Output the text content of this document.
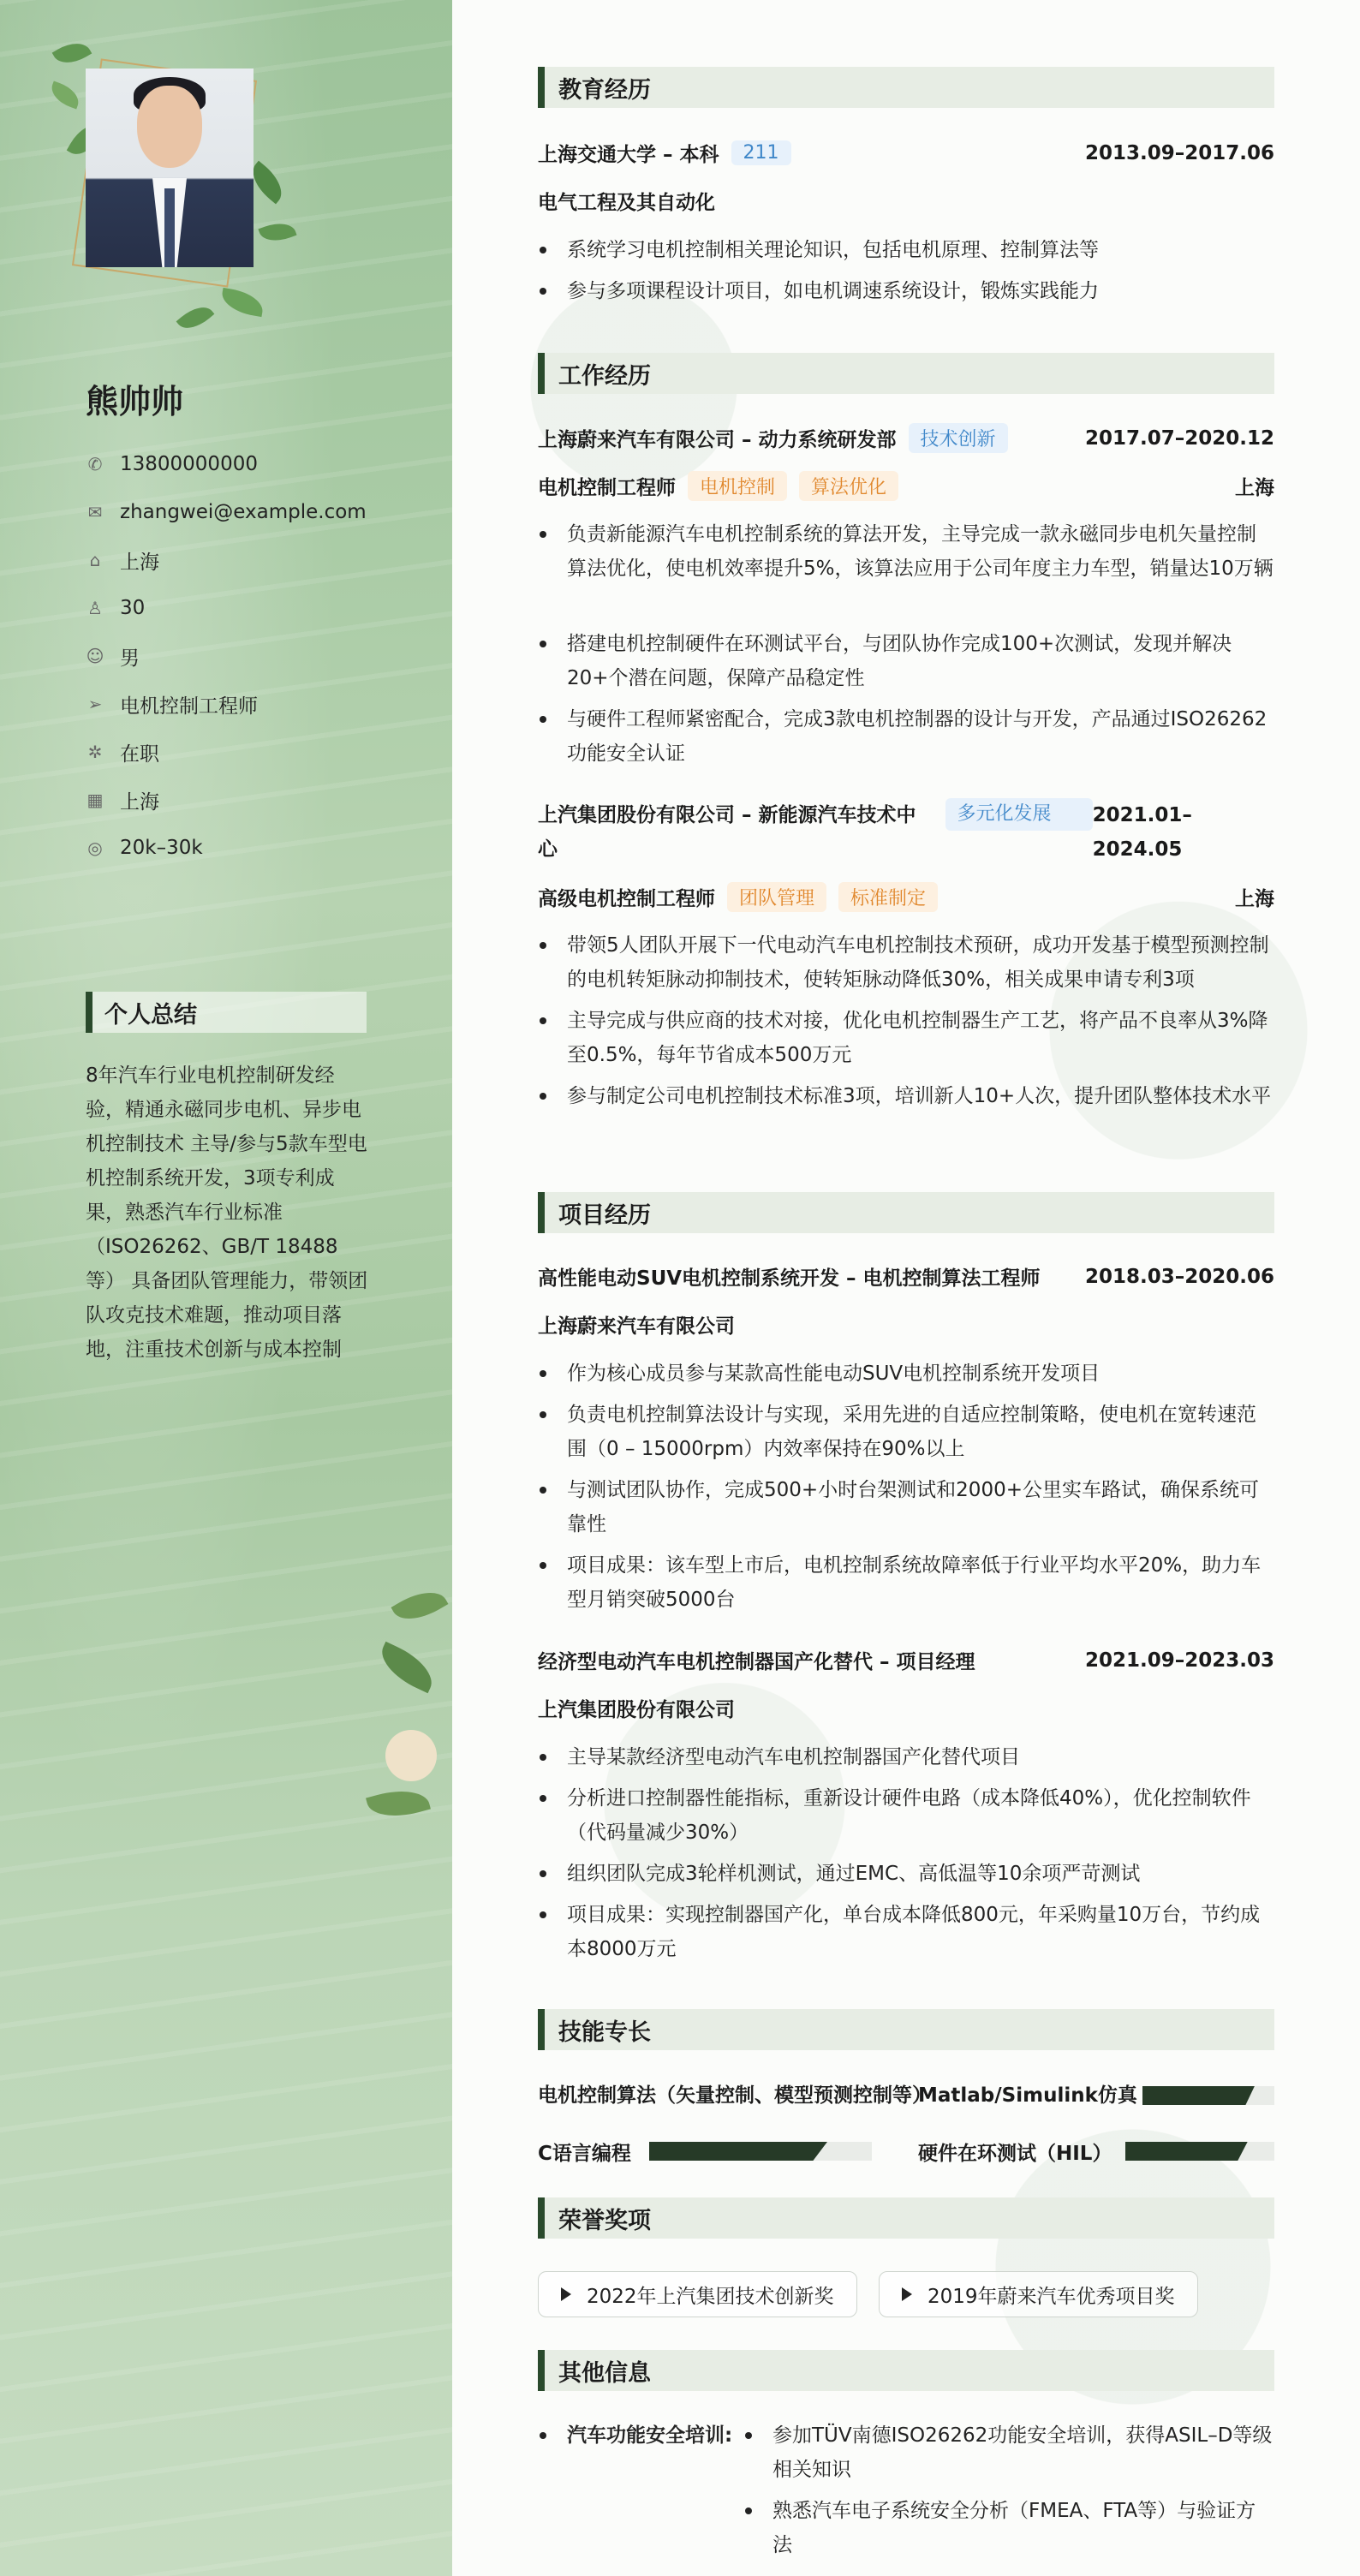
熊帅帅
✆ 13800000000
✉ zhangwei@example.com
⌂ 上海
♙ 30
☺ 男
➢ 电机控制工程师
✲ 在职
▦ 上海
◎ 20k–30k
个人总结
8年汽车行业电机控制研发经验，精通永磁同步电机、异步电机控制技术 主导/参与5款车型电机控制系统开发，3项专利成果，熟悉汽车行业标准（ISO26262、GB/T 18488等） 具备团队管理能力，带领团队攻克技术难题，推动项目落地，注重技术创新与成本控制
教育经历
上海交通大学 – 本科	211	2013.09–2017.06
电气工程及其自动化
系统学习电机控制相关理论知识，包括电机原理、控制算法等
参与多项课程设计项目，如电机调速系统设计，锻炼实践能力
工作经历
上海蔚来汽车有限公司 – 动力系统研发部	技术创新	2017.07–2020.12
电机控制工程师	电机控制	算法优化	上海
负责新能源汽车电机控制系统的算法开发，主导完成一款永磁同步电机矢量控制算法优化，使电机效率提升5%，该算法应用于公司年度主力车型，销量达10万辆
搭建电机控制硬件在环测试平台，与团队协作完成100+次测试，发现并解决20+个潜在问题，保障产品稳定性
与硬件工程师紧密配合，完成3款电机控制器的设计与开发，产品通过ISO26262功能安全认证
上汽集团股份有限公司 – 新能源汽车技术中心
多元化发展	2021.01–2024.05
高级电机控制工程师	团队管理	标准制定	上海
带领5人团队开展下一代电动汽车电机控制技术预研，成功开发基于模型预测控制的电机转矩脉动抑制技术，使转矩脉动降低30%，相关成果申请专利3项
主导完成与供应商的技术对接，优化电机控制器生产工艺，将产品不良率从3%降至0.5%，每年节省成本500万元
参与制定公司电机控制技术标准3项，培训新人10+人次，提升团队整体技术水平
项目经历
高性能电动SUV电机控制系统开发 – 电机控制算法工程师 2018.03–2020.06
上海蔚来汽车有限公司
作为核心成员参与某款高性能电动SUV电机控制系统开发项目
负责电机控制算法设计与实现，采用先进的自适应控制策略，使电机在宽转速范围（0 – 15000rpm）内效率保持在90%以上
与测试团队协作，完成500+小时台架测试和2000+公里实车路试，确保系统可靠性
项目成果：该车型上市后，电机控制系统故障率低于行业平均水平20%，助力车型月销突破5000台
经济型电动汽车电机控制器国产化替代 – 项目经理	2021.09–2023.03
上汽集团股份有限公司
主导某款经济型电动汽车电机控制器国产化替代项目
分析进口控制器性能指标，重新设计硬件电路（成本降低40%），优化控制软件（代码量减少30%）
组织团队完成3轮样机测试，通过EMC、高低温等10余项严苛测试
项目成果：实现控制器国产化，单台成本降低800元，年采购量10万台，节约成本8000万元
技能专长
电机控制算法（矢量控制、模型预测控制等）
Matlab/Simulink仿真
C语言编程	硬件在环测试（HIL）
荣誉奖项
2022年上汽集团技术创新奖	2019年蔚来汽车优秀项目奖
其他信息
汽车功能安全培训:	参加TÜV南德ISO26262功能安全培训，获得ASIL–D等级相关知识
熟悉汽车电子系统安全分析（FMEA、FTA等）与验证方法
